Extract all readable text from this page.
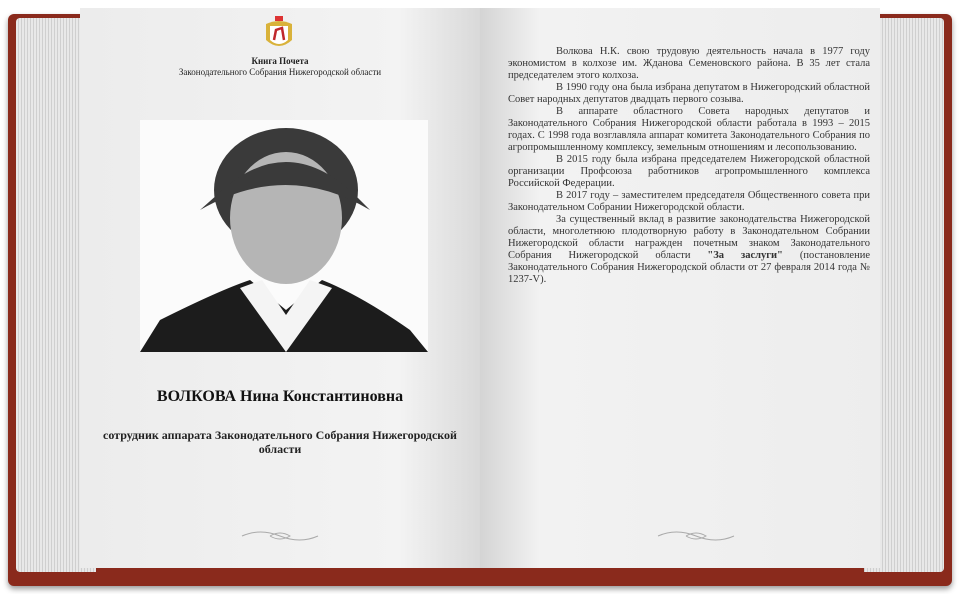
Книга Почета
Законодательного Собрания Нижегородской области
ВОЛКОВА Нина Константиновна
сотрудник аппарата Законодательного Собрания Нижегородской области

Волкова Н.К. свою трудовую деятельность начала в 1977 году экономистом в колхозе им. Жданова Семеновского района. В 35 лет стала председателем этого колхоза.

В 1990 году она была избрана депутатом в Нижегородский областной Совет народных депутатов двадцать первого созыва.

В аппарате областного Совета народных депутатов и Законодательного Собрания Нижегородской области работала в 1993 – 2015 годах. С 1998 года возглавляла аппарат комитета Законодательного Собрания по агропромышленному комплексу, земельным отношениям и лесопользованию.

В 2015 году была избрана председателем Нижегородской областной организации Профсоюза работников агропромышленного комплекса Российской Федерации.

В 2017 году – заместителем председателя Общественного совета при Законодательном Собрании Нижегородской области.

За существенный вклад в развитие законодательства Нижегородской области, многолетнюю плодотворную работу в Законодательном Собрании Нижегородской области награжден почетным знаком Законодательного Собрания Нижегородской области "За заслуги" (постановление Законодательного Собрания Нижегородской области от 27 февраля 2014 года № 1237-V).
